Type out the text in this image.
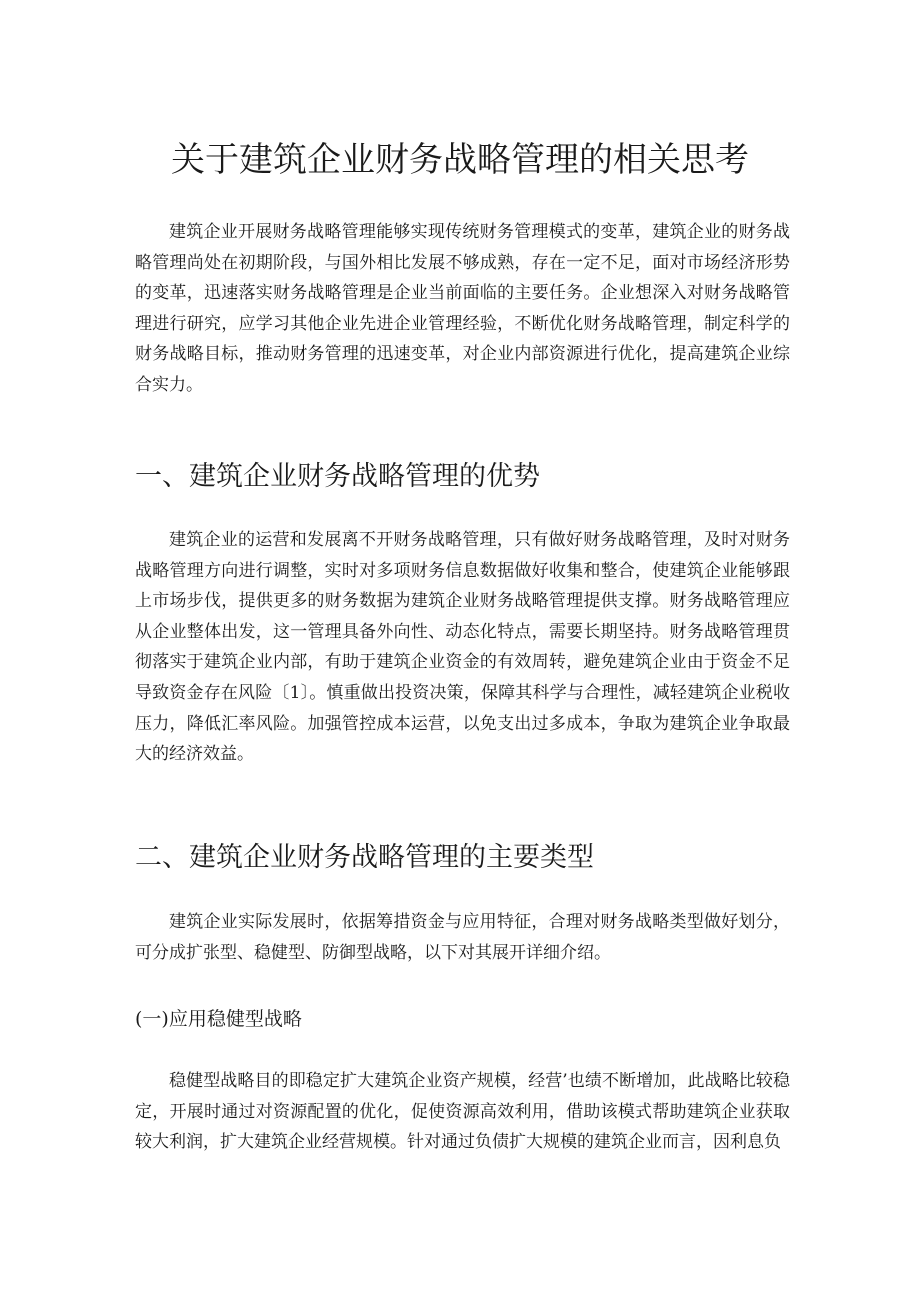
关于建筑企业财务战略管理的相关思考

建筑企业开展财务战略管理能够实现传统财务管理模式的变革，建筑企业的财务战略管理尚处在初期阶段，与国外相比发展不够成熟，存在一定不足，面对市场经济形势的变革，迅速落实财务战略管理是企业当前面临的主要任务。企业想深入对财务战略管理进行研究，应学习其他企业先进企业管理经验，不断优化财务战略管理，制定科学的财务战略目标，推动财务管理的迅速变革，对企业内部资源进行优化，提高建筑企业综合实力。

一、建筑企业财务战略管理的优势

建筑企业的运营和发展离不开财务战略管理，只有做好财务战略管理，及时对财务战略管理方向进行调整，实时对多项财务信息数据做好收集和整合，使建筑企业能够跟上市场步伐，提供更多的财务数据为建筑企业财务战略管理提供支撑。财务战略管理应从企业整体出发，这一管理具备外向性、动态化特点，需要长期坚持。财务战略管理贯彻落实于建筑企业内部，有助于建筑企业资金的有效周转，避免建筑企业由于资金不足导致资金存在风险〔1〕。慎重做出投资决策，保障其科学与合理性，减轻建筑企业税收压力，降低汇率风险。加强管控成本运营，以免支出过多成本，争取为建筑企业争取最大的经济效益。

二、建筑企业财务战略管理的主要类型

建筑企业实际发展时，依据筹措资金与应用特征，合理对财务战略类型做好划分，可分成扩张型、稳健型、防御型战略，以下对其展开详细介绍。

(一)应用稳健型战略

稳健型战略目的即稳定扩大建筑企业资产规模，经营’也绩不断增加，此战略比较稳定，开展时通过对资源配置的优化，促使资源高效利用，借助该模式帮助建筑企业获取较大利润，扩大建筑企业经营规模。针对通过负债扩大规模的建筑企业而言，因利息负
